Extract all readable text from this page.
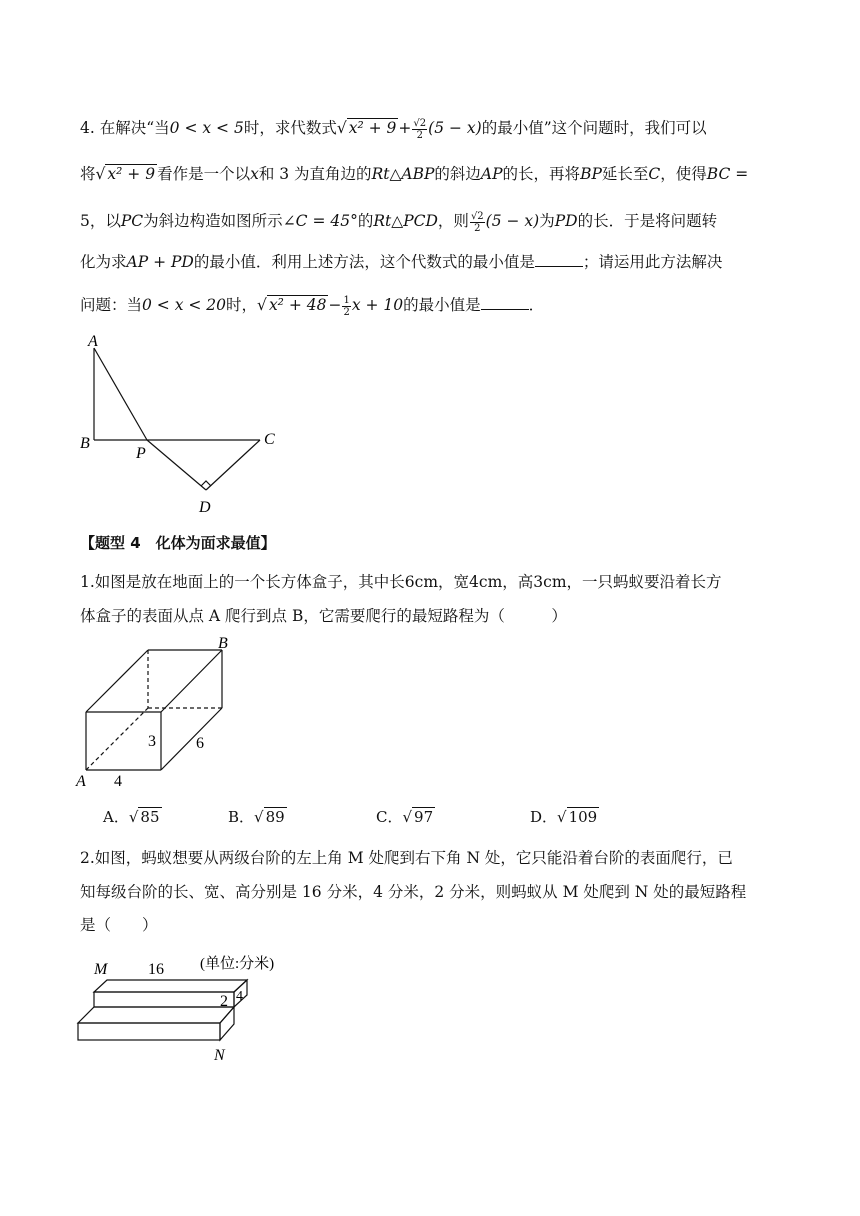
4. 在解决“当0 < x < 5时，求代数式√ $x^2 + 9 + \frac{√2}{2} (5 - x)$的最小值”这个问题时，我们可以
将√ x² + 9 看作是一个以x和 3 为直角边的Rt△ABP的斜边AP的长，再将BP延长至C，使得BC =
5，以PC为斜边构造如图所示∠C = 45°的Rt△PCD，则 $\frac{√2}{2} (5 - x)$为PD的长．于是将问题转
化为求AP + PD的最小值．利用上述方法，这个代数式的最小值是	；请运用此方法解决
问题：当0 < x < 20时，√ $x^2 + 48 - \frac{1}{2}$ x + 10的最小值是	．
A
B
P
C
D
【题型 4　化体为面求最值】
1.如图是放在地面上的一个长方体盒子，其中长6cm，宽4cm，高3cm，一只蚂蚁要沿着长方
体盒子的表面从点 A 爬行到点 B，它需要爬行的最短路程为（　　　）
B
A
3	6
4
A．√ 85	B．√ 89	C．√ 97	D．√ 109
2.如图，蚂蚁想要从两级台阶的左上角 M 处爬到右下角 N 处，它只能沿着台阶的表面爬行，已
知每级台阶的长、宽、高分别是 16 分米，4 分米，2 分米，则蚂蚁从 M 处爬到 N 处的最短路程
是（　　）
M	16 (单位:分米)
2 4
N
